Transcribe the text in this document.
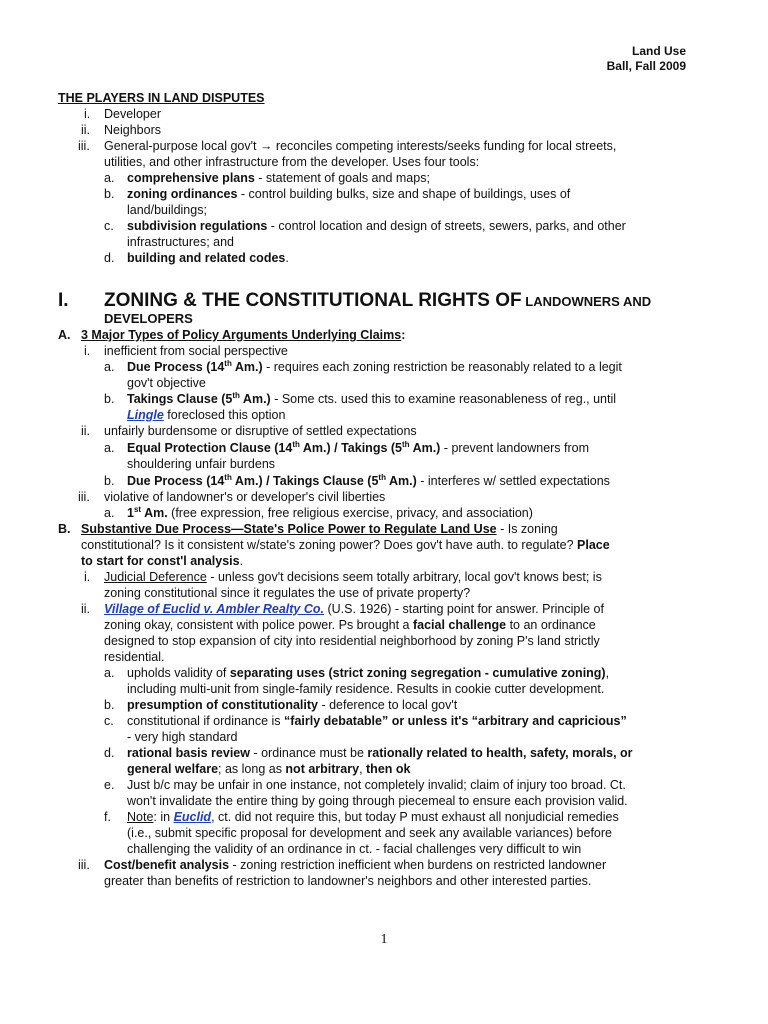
Land Use
Ball, Fall 2009
THE PLAYERS IN LAND DISPUTES
i. Developer
ii. Neighbors
iii. General-purpose local gov't → reconciles competing interests/seeks funding for local streets,
utilities, and other infrastructure from the developer. Uses four tools:
a. comprehensive plans - statement of goals and maps;
b. zoning ordinances - control building bulks, size and shape of buildings, uses of
land/buildings;
c. subdivision regulations - control location and design of streets, sewers, parks, and other
infrastructures; and
d. building and related codes.
I. ZONING & THE CONSTITUTIONAL RIGHTS OF LANDOWNERS AND
DEVELOPERS
A. 3 Major Types of Policy Arguments Underlying Claims:
i. inefficient from social perspective
a. Due Process (14th Am.) - requires each zoning restriction be reasonably related to a legit
gov't objective
b. Takings Clause (5th Am.) - Some cts. used this to examine reasonableness of reg., until
Lingle foreclosed this option
ii. unfairly burdensome or disruptive of settled expectations
a. Equal Protection Clause (14th Am.) / Takings (5th Am.) - prevent landowners from
shouldering unfair burdens
b. Due Process (14th Am.) / Takings Clause (5th Am.) - interferes w/ settled expectations
iii. violative of landowner's or developer's civil liberties
a. 1st Am. (free expression, free religious exercise, privacy, and association)
B. Substantive Due Process—State's Police Power to Regulate Land Use - Is zoning
constitutional? Is it consistent w/state's zoning power? Does gov't have auth. to regulate? Place
to start for const'l analysis.
i. Judicial Deference - unless gov't decisions seem totally arbitrary, local gov't knows best; is
zoning constitutional since it regulates the use of private property?
ii. Village of Euclid v. Ambler Realty Co. (U.S. 1926) - starting point for answer. Principle of
zoning okay, consistent with police power. Ps brought a facial challenge to an ordinance
designed to stop expansion of city into residential neighborhood by zoning P's land strictly
residential.
a. upholds validity of separating uses (strict zoning segregation - cumulative zoning),
including multi-unit from single-family residence. Results in cookie cutter development.
b. presumption of constitutionality - deference to local gov't
c. constitutional if ordinance is “fairly debatable” or unless it's “arbitrary and capricious”
- very high standard
d. rational basis review - ordinance must be rationally related to health, safety, morals, or
general welfare; as long as not arbitrary, then ok
e. Just b/c may be unfair in one instance, not completely invalid; claim of injury too broad. Ct.
won't invalidate the entire thing by going through piecemeal to ensure each provision valid.
f. Note: in Euclid, ct. did not require this, but today P must exhaust all nonjudicial remedies
(i.e., submit specific proposal for development and seek any available variances) before
challenging the validity of an ordinance in ct. - facial challenges very difficult to win
iii. Cost/benefit analysis - zoning restriction inefficient when burdens on restricted landowner
greater than benefits of restriction to landowner's neighbors and other interested parties.
1
